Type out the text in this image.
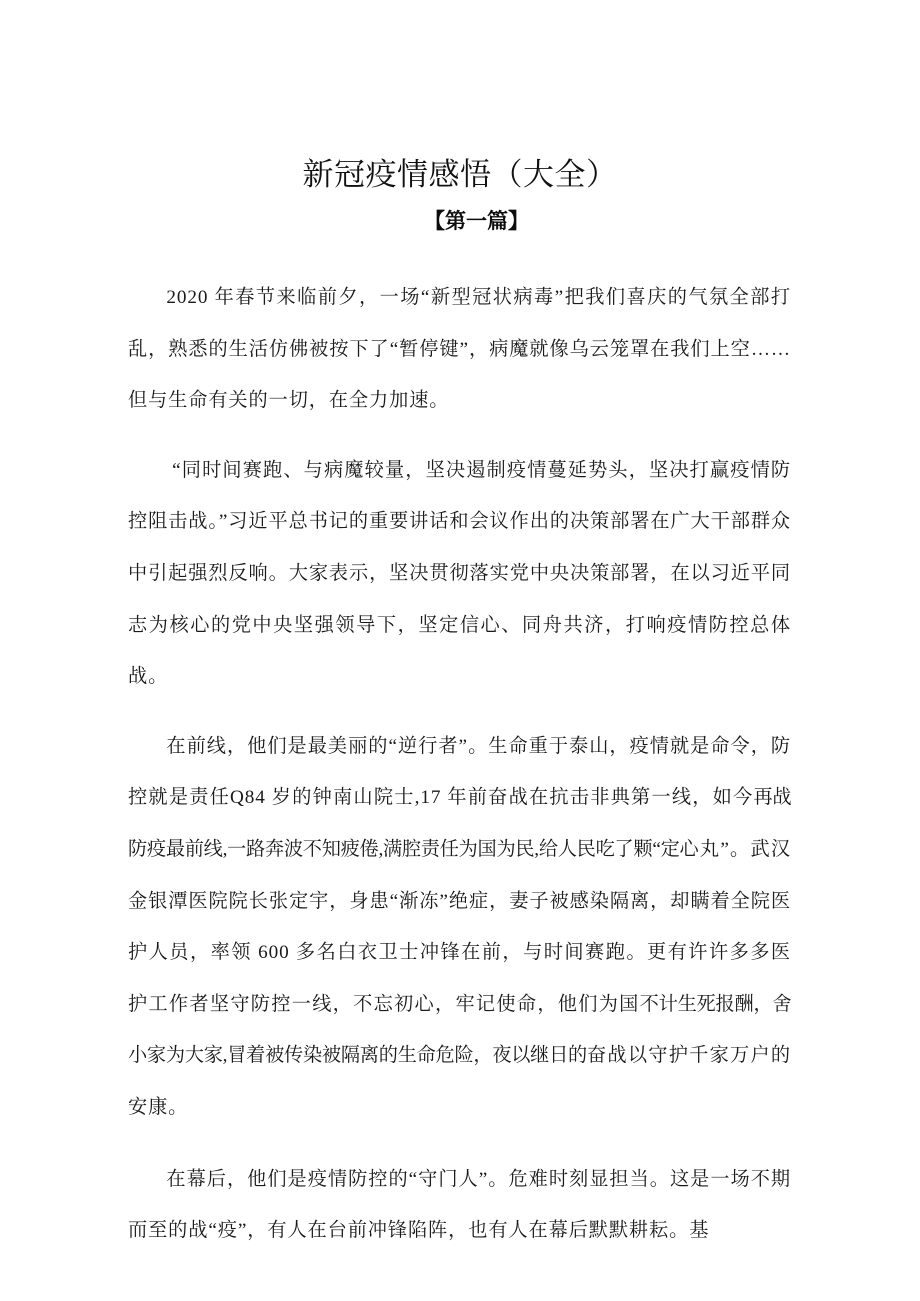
新冠疫情感悟（大全）
【第一篇】

2020 年春节来临前夕，一场“新型冠状病毒”把我们喜庆的气氛全部打乱，熟悉的生活仿佛被按下了“暂停键”，病魔就像乌云笼罩在我们上空……但与生命有关的一切，在全力加速。

“同时间赛跑、与病魔较量，坚决遏制疫情蔓延势头，坚决打赢疫情防控阻击战。”习近平总书记的重要讲话和会议作出的决策部署在广大干部群众中引起强烈反响。大家表示，坚决贯彻落实党中央决策部署，在以习近平同志为核心的党中央坚强领导下，坚定信心、同舟共济，打响疫情防控总体战。

在前线，他们是最美丽的“逆行者”。生命重于泰山，疫情就是命令，防控就是责任Q84 岁的钟南山院士,17 年前奋战在抗击非典第一线，如今再战防疫最前线,一路奔波不知疲倦,满腔责任为国为民,给人民吃了颗“定心丸”。武汉金银潭医院院长张定宇，身患“渐冻”绝症，妻子被感染隔离，却瞒着全院医护人员，率领 600 多名白衣卫士冲锋在前，与时间赛跑。更有许许多多医护工作者坚守防控一线，不忘初心，牢记使命，他们为国不计生死报酬，舍小家为大家,冒着被传染被隔离的生命危险，夜以继日的奋战以守护千家万户的安康。

在幕后，他们是疫情防控的“守门人”。危难时刻显担当。这是一场不期而至的战“疫”，有人在台前冲锋陷阵，也有人在幕后默默耕耘。基
